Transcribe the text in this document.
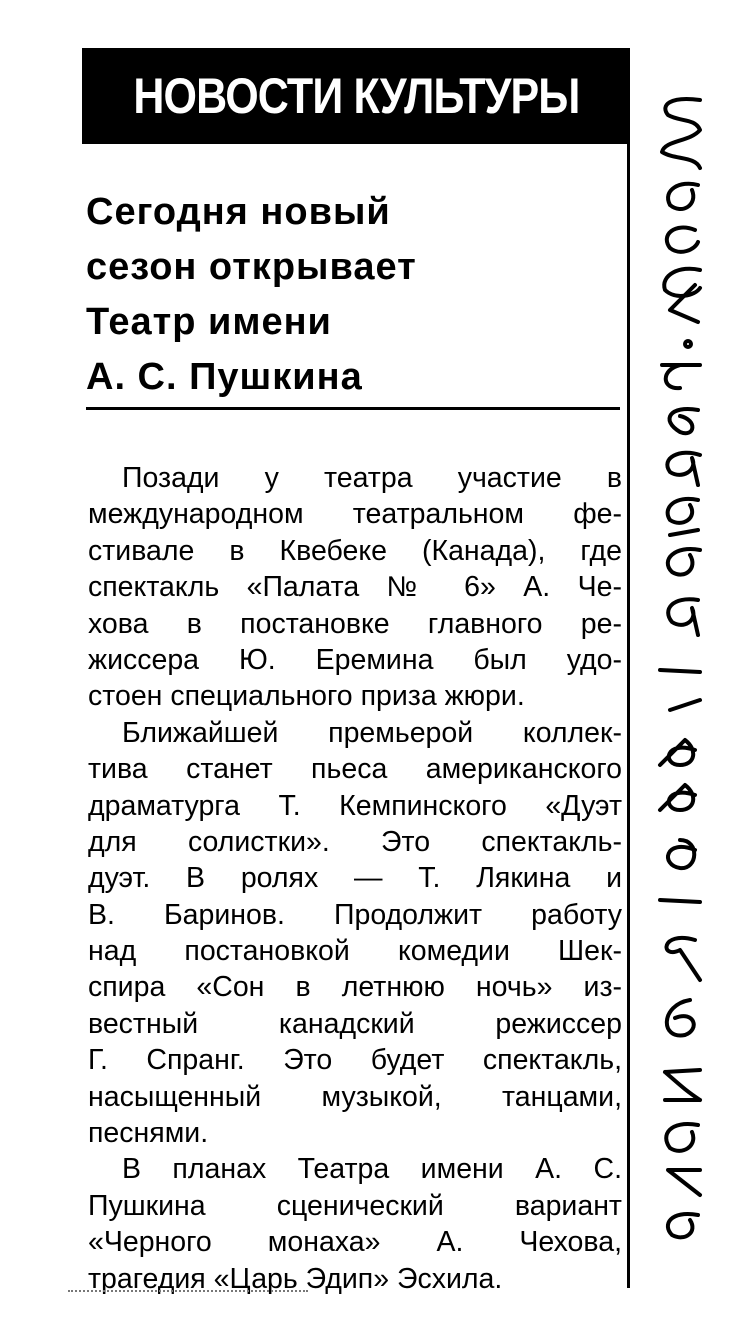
НОВОСТИ КУЛЬТУРЫ
Сегодня новый
сезон открывает
Театр имени
А. С. Пушкина
Позади у театра участие в
международном театральном фе-
стивале в Квебеке (Канада), где
спектакль «Палата № 6» А. Че-
хова в постановке главного ре-
жиссера Ю. Еремина был удо-
стоен специального приза жюри.
Ближайшей премьерой коллек-
тива станет пьеса американского
драматурга Т. Кемпинского «Дуэт
для солистки». Это спектакль-
дуэт. В ролях — Т. Лякина и
В. Баринов. Продолжит работу
над постановкой комедии Шек-
спира «Сон в летнюю ночь» из-
вестный канадский режиссер
Г. Спранг. Это будет спектакль,
насыщенный музыкой, танцами,
песнями.
В планах Театра имени А. С.
Пушкина сценический вариант
«Черного монаха» А. Чехова,
трагедия «Царь Эдип» Эсхила.
